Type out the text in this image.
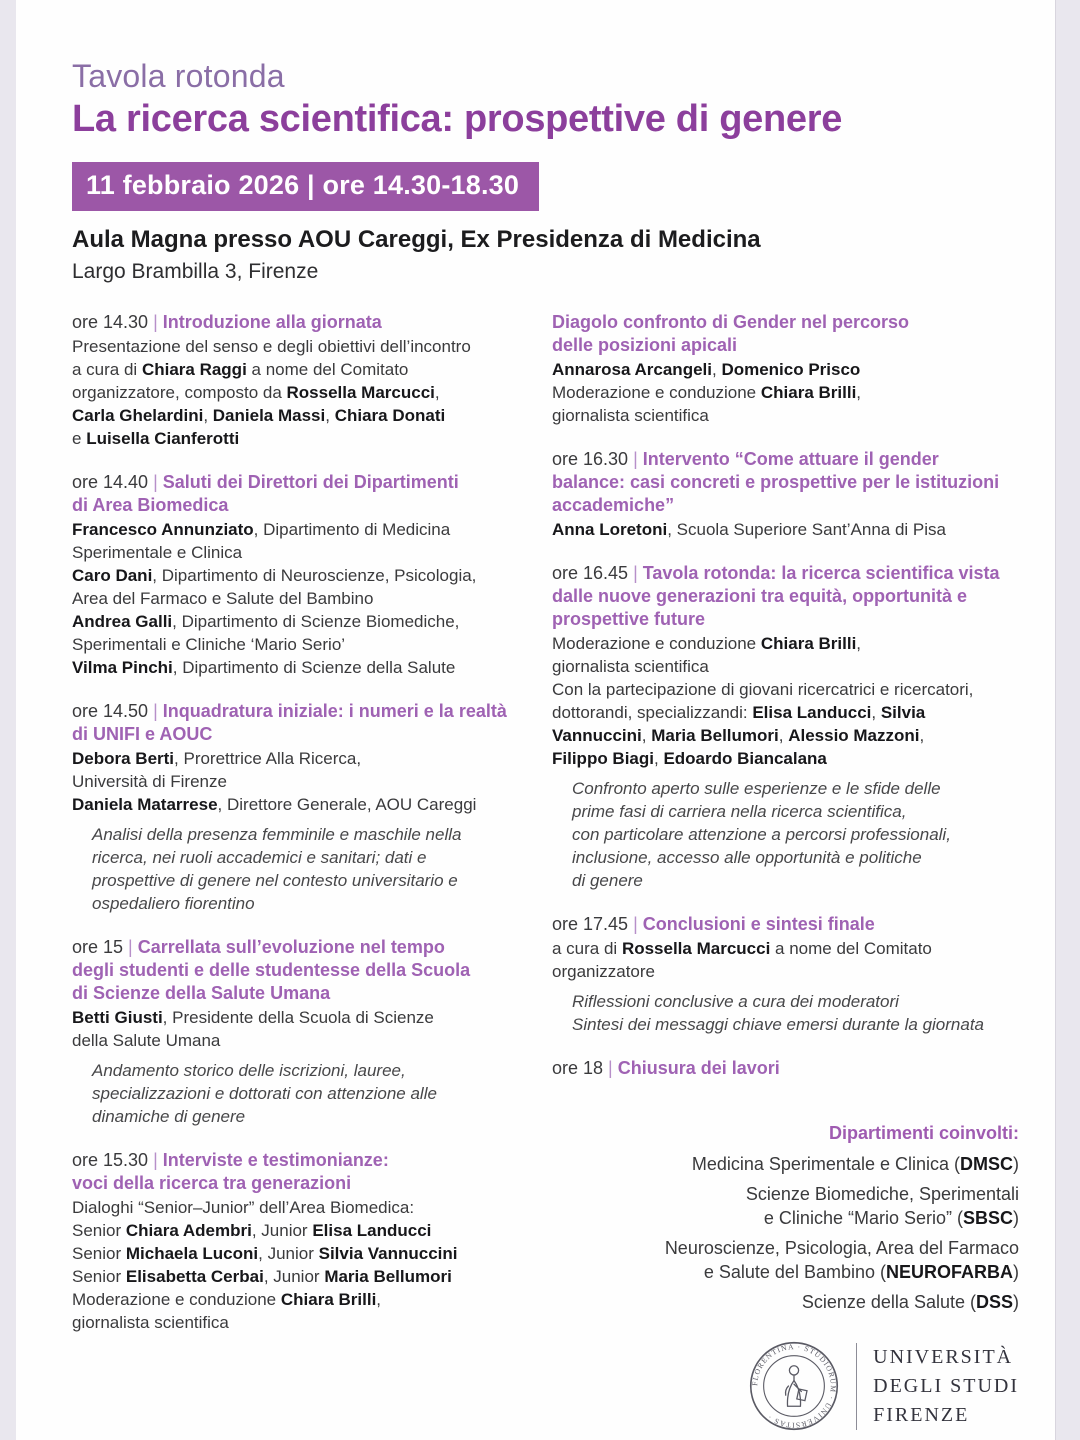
Tavola rotonda
La ricerca scientifica: prospettive di genere
11 febbraio 2026 | ore 14.30-18.30
Aula Magna presso AOU Careggi, Ex Presidenza di Medicina
Largo Brambilla 3, Firenze
ore 14.30 | Introduzione alla giornata
Presentazione del senso e degli obiettivi dell’incontro
a cura di Chiara Raggi a nome del Comitato
organizzatore, composto da Rossella Marcucci,
Carla Ghelardini, Daniela Massi, Chiara Donati
e Luisella Cianferotti
ore 14.40 | Saluti dei Direttori dei Dipartimenti
di Area Biomedica
Francesco Annunziato, Dipartimento di Medicina
Sperimentale e Clinica
Caro Dani, Dipartimento di Neuroscienze, Psicologia,
Area del Farmaco e Salute del Bambino
Andrea Galli, Dipartimento di Scienze Biomediche,
Sperimentali e Cliniche ‘Mario Serio’
Vilma Pinchi, Dipartimento di Scienze della Salute
ore 14.50 | Inquadratura iniziale: i numeri e la realtà
di UNIFI e AOUC
Debora Berti, Prorettrice Alla Ricerca,
Università di Firenze
Daniela Matarrese, Direttore Generale, AOU Careggi
Analisi della presenza femminile e maschile nella
ricerca, nei ruoli accademici e sanitari; dati e
prospettive di genere nel contesto universitario e
ospedaliero fiorentino
ore 15 | Carrellata sull’evoluzione nel tempo
degli studenti e delle studentesse della Scuola
di Scienze della Salute Umana
Betti Giusti, Presidente della Scuola di Scienze
della Salute Umana
Andamento storico delle iscrizioni, lauree,
specializzazioni e dottorati con attenzione alle
dinamiche di genere
ore 15.30 | Interviste e testimonianze:
voci della ricerca tra generazioni
Dialoghi “Senior–Junior” dell’Area Biomedica:
Senior Chiara Adembri, Junior Elisa Landucci
Senior Michaela Luconi, Junior Silvia Vannuccini
Senior Elisabetta Cerbai, Junior Maria Bellumori
Moderazione e conduzione Chiara Brilli,
giornalista scientifica
Diagolo confronto di Gender nel percorso
delle posizioni apicali
Annarosa Arcangeli, Domenico Prisco
Moderazione e conduzione Chiara Brilli,
giornalista scientifica
ore 16.30 | Intervento “Come attuare il gender
balance: casi concreti e prospettive per le istituzioni
accademiche”
Anna Loretoni, Scuola Superiore Sant’Anna di Pisa
ore 16.45 | Tavola rotonda: la ricerca scientifica vista
dalle nuove generazioni tra equità, opportunità e
prospettive future
Moderazione e conduzione Chiara Brilli,
giornalista scientifica
Con la partecipazione di giovani ricercatrici e ricercatori,
dottorandi, specializzandi: Elisa Landucci, Silvia
Vannuccini, Maria Bellumori, Alessio Mazzoni,
Filippo Biagi, Edoardo Biancalana
Confronto aperto sulle esperienze e le sfide delle
prime fasi di carriera nella ricerca scientifica,
con particolare attenzione a percorsi professionali,
inclusione, accesso alle opportunità e politiche
di genere
ore 17.45 | Conclusioni e sintesi finale
a cura di Rossella Marcucci a nome del Comitato
organizzatore
Riflessioni conclusive a cura dei moderatori
Sintesi dei messaggi chiave emersi durante la giornata
ore 18 | Chiusura dei lavori
Dipartimenti coinvolti:
Medicina Sperimentale e Clinica (DMSC)
Scienze Biomediche, Sperimentali
e Cliniche “Mario Serio” (SBSC)
Neuroscienze, Psicologia, Area del Farmaco
e Salute del Bambino (NEUROFARBA)
Scienze della Salute (DSS)
FLORENTINA · STUDIORUM · UNIVERSITAS ·
UNIVERSITÀ
DEGLI STUDI
FIRENZE
